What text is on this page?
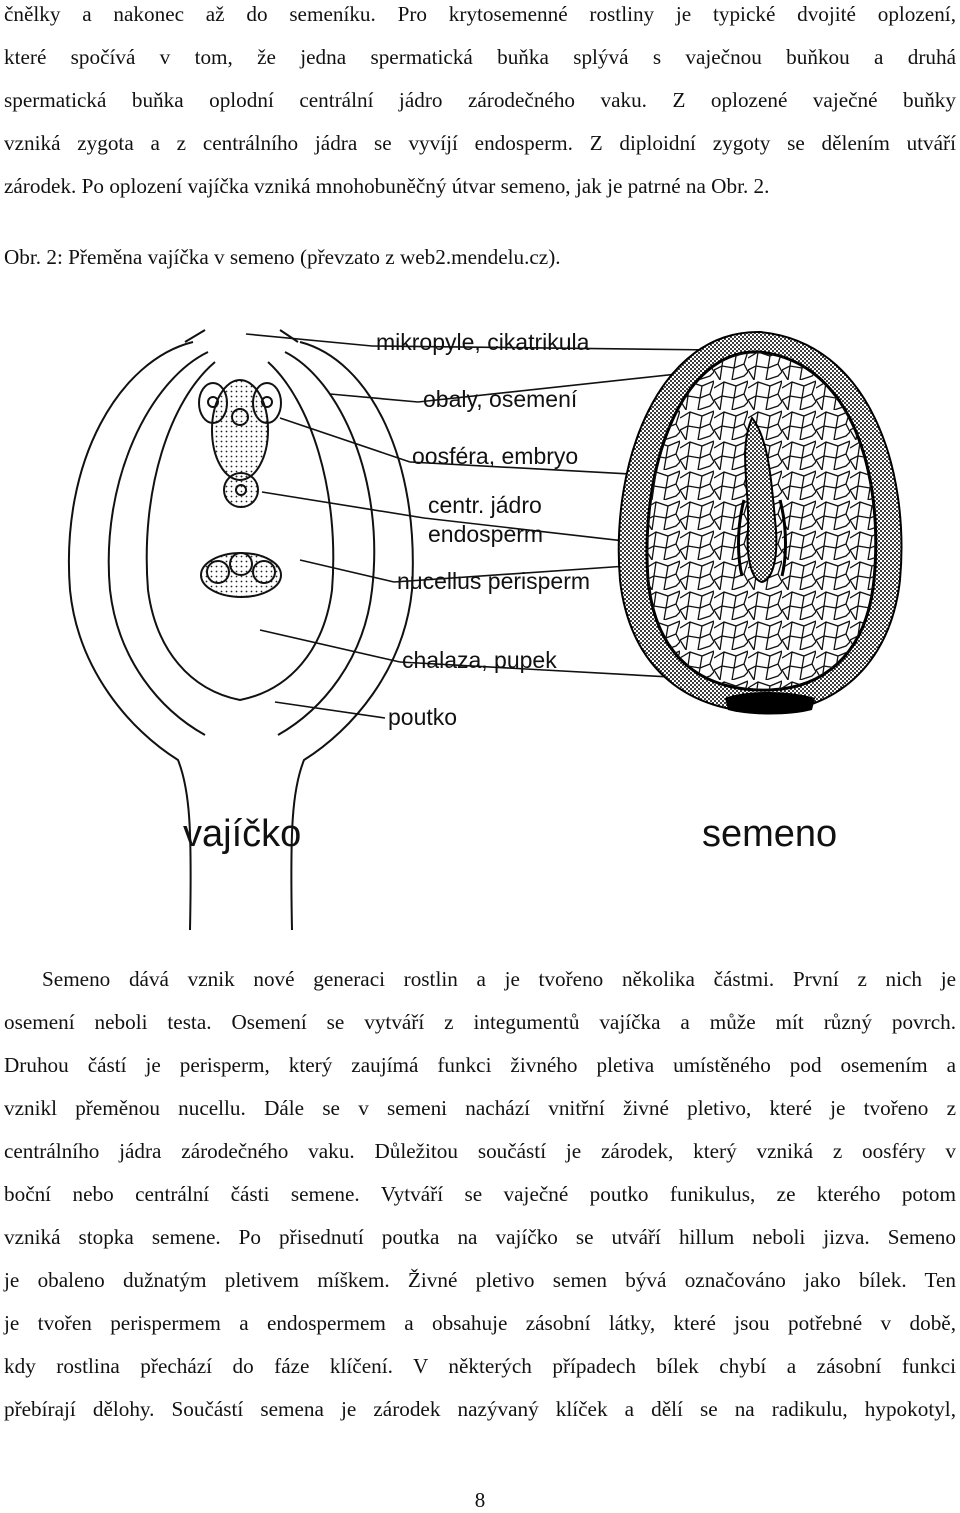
čnělky a nakonec až do semeníku. Pro krytosemenné rostliny je typické dvojité oplození,
které spočívá v tom, že jedna spermatická buňka splývá s vaječnou buňkou a druhá
spermatická buňka oplodní centrální jádro zárodečného vaku. Z oplozené vaječné buňky
vzniká zygota a z centrálního jádra se vyvíjí endosperm. Z diploidní zygoty se dělením utváří
zárodek. Po oplození vajíčka vzniká mnohobuněčný útvar semeno, jak je patrné na Obr. 2.
Obr. 2: Přeměna vajíčka v semeno (převzato z web2.mendelu.cz).
mikropyle, cikatrikula
obaly, osemení
oosféra, embryo
centr. jádro
endosperm
nucellus perisperm
chalaza, pupek
poutko
vajíčko	semeno
Semeno dává vznik nové generaci rostlin a je tvořeno několika částmi. První z nich je
osemení neboli testa. Osemení se vytváří z integumentů vajíčka a může mít různý povrch.
Druhou částí je perisperm, který zaujímá funkci živného pletiva umístěného pod osemením a
vznikl přeměnou nucellu. Dále se v semeni nachází vnitřní živné pletivo, které je tvořeno z
centrálního jádra zárodečného vaku. Důležitou součástí je zárodek, který vzniká z oosféry v
boční nebo centrální části semene. Vytváří se vaječné poutko funikulus, ze kterého potom
vzniká stopka semene. Po přisednutí poutka na vajíčko se utváří hillum neboli jizva. Semeno
je obaleno dužnatým pletivem míškem. Živné pletivo semen bývá označováno jako bílek. Ten
je tvořen perispermem a endospermem a obsahuje zásobní látky, které jsou potřebné v době,
kdy rostlina přechází do fáze klíčení. V některých případech bílek chybí a zásobní funkci
přebírají dělohy. Součástí semena je zárodek nazývaný klíček a dělí se na radikulu, hypokotyl,
8
